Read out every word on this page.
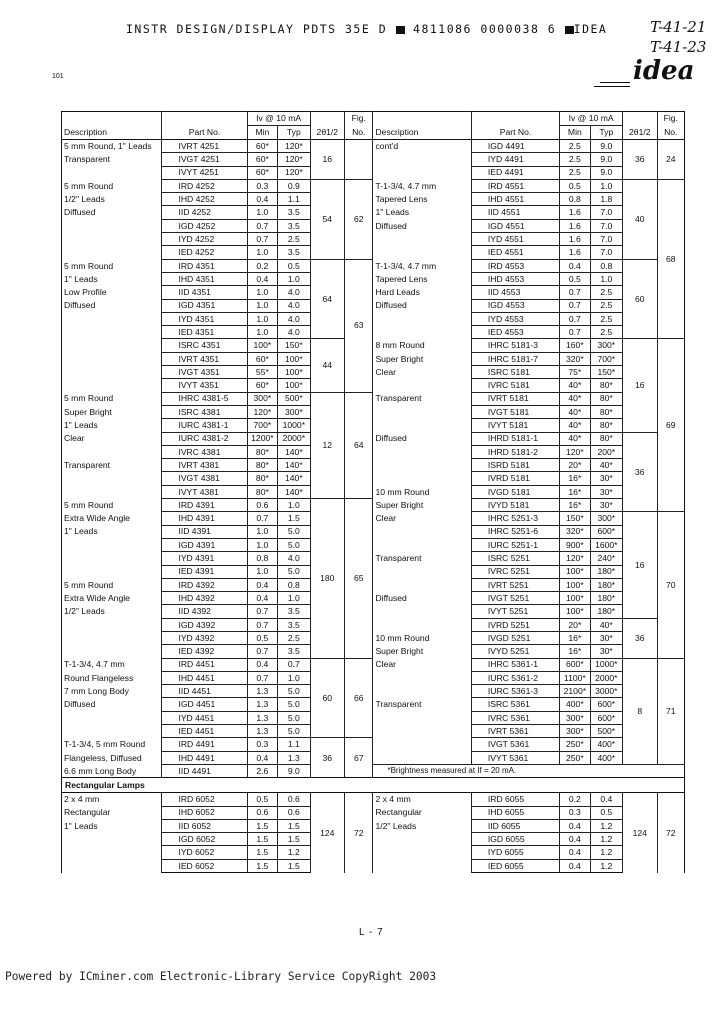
INSTR DESIGN/DISPLAY PDTS 35E D 4811086 0000038 6 IDEA	T-41-21
T-41-23
101	idea
		Iv @ 10 mA			Fig.			Iv @ 10 mA			Fig.
Description	Part No.	Min	Typ	2θ1/2	No.	Description	Part No.	Min	Typ	2θ1/2	No.
5 mm Round, 1" Leads	IVRT 4251	60*	120*	16		cont'd	IGD 4491	2.5	9.0	36	24
Transparent	IVGT 4251	60*	120*				IYD 4491	2.5	9.0		
	IVYT 4251	60*	120*				IED 4491	2.5	9.0		
5 mm Round	IRD 4252	0.3	0.9	54	62	T-1-3/4, 4.7 mm	IRD 4551	0.5	1.0	40	68
1/2" Leads	IHD 4252	0.4	1.1			Tapered Lens	IHD 4551	0.8	1.8		
Diffused	IID 4252	1.0	3.5			1" Leads	IID 4551	1.6	7.0		
	IGD 4252	0.7	3.5			Diffused	IGD 4551	1.6	7.0		
	IYD 4252	0.7	2.5				IYD 4551	1.6	7.0		
	IED 4252	1.0	3.5				IED 4551	1.6	7.0		
5 mm Round	IRD 4351	0.2	0.5	64	63	T-1-3/4, 4.7 mm	IRD 4553	0.4	0.8	60	
1" Leads	IHD 4351	0.4	1.0			Tapered Lens	IHD 4553	0.5	1.0		
Low Profile	IID 4351	1.0	4.0			Hard Leads	IID 4553	0.7	2.5		
Diffused	IGD 4351	1.0	4.0			Diffused	IGD 4553	0.7	2.5		
	IYD 4351	1.0	4.0				IYD 4553	0.7	2.5		
	IED 4351	1.0	4.0				IED 4553	0.7	2.5		
	ISRC 4351	100*	150*	44		8 mm Round	IHRC 5181-3	160*	300*	16	69
	IVRT 4351	60*	100*			Super Bright	IHRC 5181-7	320*	700*		
	IVGT 4351	55*	100*			Clear	ISRC 5181	75*	150*		
	IVYT 4351	60*	100*				IVRC 5181	40*	80*		
5 mm Round	IHRC 4381-5	300*	500*	12	64	Transparent	IVRT 5181	40*	80*		
Super Bright	ISRC 4381	120*	300*				IVGT 5181	40*	80*		
1" Leads	IURC 4381-1	700*	1000*				IVYT 5181	40*	80*		
Clear	IURC 4381-2	1200*	2000*			Diffused	IHRD 5181-1	40*	80*	36	
	IVRC 4381	80*	140*				IHRD 5181-2	120*	200*		
Transparent	IVRT 4381	80*	140*				ISRD 5181	20*	40*		
	IVGT 4381	80*	140*				IVRD 5181	16*	30*		
	IVYT 4381	80*	140*			10 mm Round	IVGD 5181	16*	30*		
5 mm Round	IRD 4391	0.6	1.0	180	65	Super Bright	IVYD 5181	16*	30*		
Extra Wide Angle	IHD 4391	0.7	1.5			Clear	IHRC 5251-3	150*	300*	16	70
1" Leads	IID 4391	1.0	5.0				IHRC 5251-6	320*	600*		
	IGD 4391	1.0	5.0				IURC 5251-1	900*	1600*		
	IYD 4391	0.8	4.0			Transparent	ISRC 5251	120*	240*		
	IED 4391	1.0	5.0				IVRC 5251	100*	180*		
5 mm Round	IRD 4392	0.4	0.8				IVRT 5251	100*	180*		
Extra Wide Angle	IHD 4392	0.4	1.0			Diffused	IVGT 5251	100*	180*		
1/2" Leads	IID 4392	0.7	3.5				IVYT 5251	100*	180*		
	IGD 4392	0.7	3.5				IVRD 5251	20*	40*	36	
	IYD 4392	0.5	2.5			10 mm Round	IVGD 5251	16*	30*		
	IED 4392	0.7	3.5			Super Bright	IVYD 5251	16*	30*		
T-1-3/4, 4.7 mm	IRD 4451	0.4	0.7	60	66	Clear	IHRC 5361-1	600*	1000*	8	71
Round Flangeless	IHD 4451	0.7	1.0				IURC 5361-2	1100*	2000*		
7 mm Long Body	IID 4451	1.3	5.0				IURC 5361-3	2100*	3000*		
Diffused	IGD 4451	1.3	5.0			Transparent	ISRC 5361	400*	600*		
	IYD 4451	1.3	5.0				IVRC 5361	300*	600*		
	IED 4451	1.3	5.0				IVRT 5361	300*	500*		
T-1-3/4, 5 mm Round	IRD 4491	0.3	1.1	36	67		IVGT 5361	250*	400*		
Flangeless, Diffused	IHD 4491	0.4	1.3				IVYT 5361	250*	400*		
6.6 mm Long Body	IID 4491	2.6	9.0			*Brightness measured at If = 20 mA.					
Rectangular Lamps											
2 x 4 mm	IRD 6052	0.5	0.6	124	72	2 x 4 mm	IRD 6055	0.2	0.4	124	72
Rectangular	IHD 6052	0.6	0.6			Rectangular	IHD 6055	0.3	0.5		
1" Leads	IID 6052	1.5	1.5			1/2" Leads	IID 6055	0.4	1.2		
	IGD 6052	1.5	1.5				IGD 6055	0.4	1.2		
	IYD 6052	1.5	1.2				IYD 6055	0.4	1.2		
	IED 6052	1.5	1.5				IED 6055	0.4	1.2		
L - 7
Powered by ICminer.com Electronic-Library Service CopyRight 2003
